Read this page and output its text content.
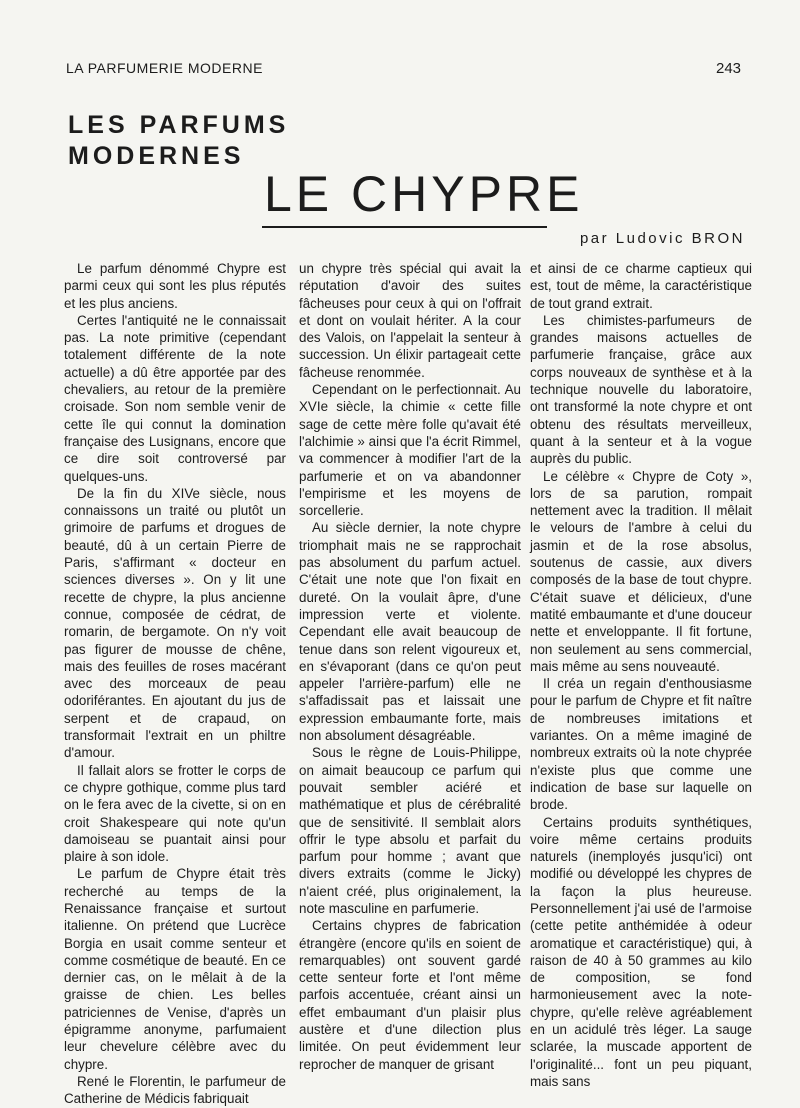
LA PARFUMERIE MODERNE	243
LES PARFUMS
MODERNES
LE CHYPRE
par Ludovic BRON

Le parfum dénommé Chypre est parmi ceux qui sont les plus réputés et les plus anciens.

Certes l'antiquité ne le connaissait pas. La note primitive (cependant totalement différente de la note actuelle) a dû être apportée par des chevaliers, au retour de la première croisade. Son nom semble venir de cette île qui connut la domination française des Lusignans, encore que ce dire soit controversé par quelques-uns.

De la fin du XIVe siècle, nous connaissons un traité ou plutôt un grimoire de parfums et drogues de beauté, dû à un certain Pierre de Paris, s'affirmant « docteur en sciences diverses ». On y lit une recette de chypre, la plus ancienne connue, composée de cédrat, de romarin, de bergamote. On n'y voit pas figurer de mousse de chêne, mais des feuilles de roses macérant avec des morceaux de peau odoriférantes. En ajoutant du jus de serpent et de crapaud, on transformait l'extrait en un philtre d'amour.

Il fallait alors se frotter le corps de ce chypre gothique, comme plus tard on le fera avec de la civette, si on en croit Shakespeare qui note qu'un damoiseau se puantait ainsi pour plaire à son idole.

Le parfum de Chypre était très recherché au temps de la Renaissance française et surtout italienne. On prétend que Lucrèce Borgia en usait comme senteur et comme cosmétique de beauté. En ce dernier cas, on le mêlait à de la graisse de chien. Les belles patriciennes de Venise, d'après un épigramme anonyme, parfumaient leur chevelure célèbre avec du chypre.

René le Florentin, le parfumeur de Catherine de Médicis fabriquait

un chypre très spécial qui avait la réputation d'avoir des suites fâcheuses pour ceux à qui on l'offrait et dont on voulait hériter. A la cour des Valois, on l'appelait la senteur à succession. Un élixir partageait cette fâcheuse renommée.

Cependant on le perfectionnait. Au XVIe siècle, la chimie « cette fille sage de cette mère folle qu'avait été l'alchimie » ainsi que l'a écrit Rimmel, va commencer à modifier l'art de la parfumerie et on va abandonner l'empirisme et les moyens de sorcellerie.

Au siècle dernier, la note chypre triomphait mais ne se rapprochait pas absolument du parfum actuel. C'était une note que l'on fixait en dureté. On la voulait âpre, d'une impression verte et violente. Cependant elle avait beaucoup de tenue dans son relent vigoureux et, en s'évaporant (dans ce qu'on peut appeler l'arrière-parfum) elle ne s'affadissait pas et laissait une expression embaumante forte, mais non absolument désagréable.

Sous le règne de Louis-Philippe, on aimait beaucoup ce parfum qui pouvait sembler aciéré et mathématique et plus de cérébralité que de sensitivité. Il semblait alors offrir le type absolu et parfait du parfum pour homme ; avant que divers extraits (comme le Jicky) n'aient créé, plus originalement, la note masculine en parfumerie.

Certains chypres de fabrication étrangère (encore qu'ils en soient de remarquables) ont souvent gardé cette senteur forte et l'ont même parfois accentuée, créant ainsi un effet embaumant d'un plaisir plus austère et d'une dilection plus limitée. On peut évidemment leur reprocher de manquer de grisant

et ainsi de ce charme captieux qui est, tout de même, la caractéristique de tout grand extrait.

Les chimistes-parfumeurs de grandes maisons actuelles de parfumerie française, grâce aux corps nouveaux de synthèse et à la technique nouvelle du laboratoire, ont transformé la note chypre et ont obtenu des résultats merveilleux, quant à la senteur et à la vogue auprès du public.

Le célèbre « Chypre de Coty », lors de sa parution, rompait nettement avec la tradition. Il mêlait le velours de l'ambre à celui du jasmin et de la rose absolus, soutenus de cassie, aux divers composés de la base de tout chypre. C'était suave et délicieux, d'une matité embaumante et d'une douceur nette et enveloppante. Il fit fortune, non seulement au sens commercial, mais même au sens nouveauté.

Il créa un regain d'enthousiasme pour le parfum de Chypre et fit naître de nombreuses imitations et variantes. On a même imaginé de nombreux extraits où la note chyprée n'existe plus que comme une indication de base sur laquelle on brode.

Certains produits synthétiques, voire même certains produits naturels (inemployés jusqu'ici) ont modifié ou développé les chypres de la façon la plus heureuse. Personnellement j'ai usé de l'armoise (cette petite anthémidée à odeur aromatique et caractéristique) qui, à raison de 40 à 50 grammes au kilo de composition, se fond harmonieusement avec la note-chypre, qu'elle relève agréablement en un acidulé très léger. La sauge sclarée, la muscade apportent de l'originalité... font un peu piquant, mais sans
